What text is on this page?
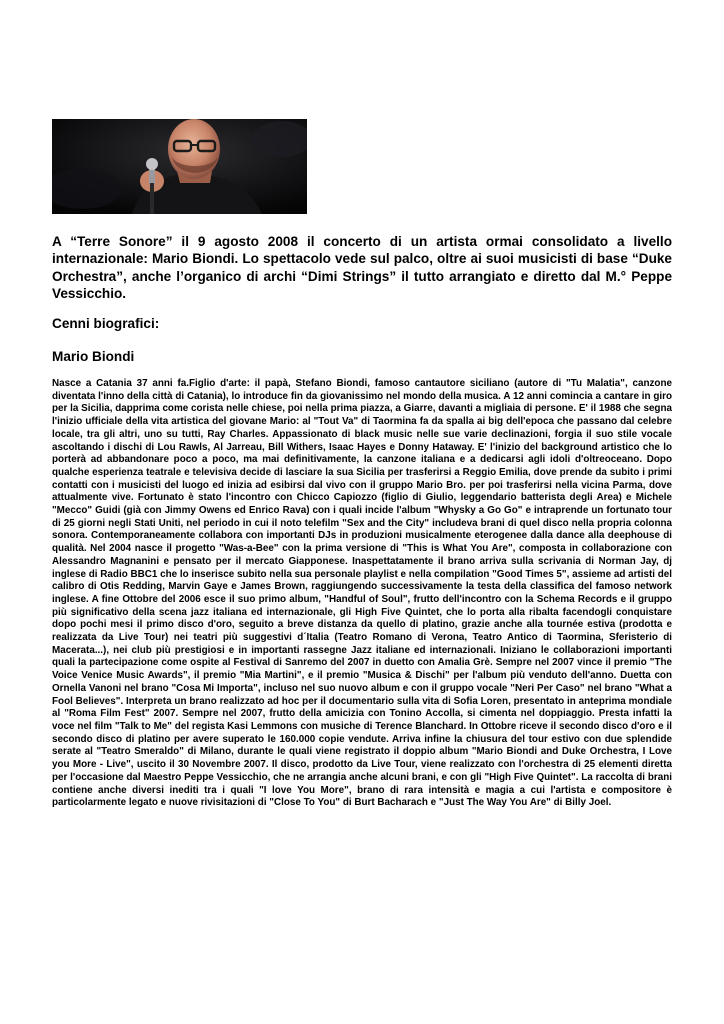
A “Terre Sonore” il 9 agosto 2008 il concerto di un artista ormai consolidato a livello internazionale: Mario Biondi. Lo spettacolo vede sul palco, oltre ai suoi musicisti di base “Duke Orchestra”, anche l’organico di archi “Dimi Strings” il tutto arrangiato e diretto dal M.° Peppe Vessicchio.

Cenni biografici:

Mario Biondi

Nasce a Catania 37 anni fa.Figlio d'arte: il papà, Stefano Biondi, famoso cantautore siciliano (autore di "Tu Malatia", canzone diventata l'inno della città di Catania), lo introduce fin da giovanissimo nel mondo della musica. A 12 anni comincia a cantare in giro per la Sicilia, dapprima come corista nelle chiese, poi nella prima piazza, a Giarre, davanti a migliaia di persone. E' il 1988 che segna l'inizio ufficiale della vita artistica del giovane Mario: al "Tout Va" di Taormina fa da spalla ai big dell'epoca che passano dal celebre locale, tra gli altri, uno su tutti, Ray Charles. Appassionato di black music nelle sue varie declinazioni, forgia il suo stile vocale ascoltando i dischi di Lou Rawls, Al Jarreau, Bill Withers, Isaac Hayes e Donny Hataway. E' l'inizio del background artistico che lo porterà ad abbandonare poco a poco, ma mai definitivamente, la canzone italiana e a dedicarsi agli idoli d'oltreoceano. Dopo qualche esperienza teatrale e televisiva decide di lasciare la sua Sicilia per trasferirsi a Reggio Emilia, dove prende da subito i primi contatti con i musicisti del luogo ed inizia ad esibirsi dal vivo con il gruppo Mario Bro. per poi trasferirsi nella vicina Parma, dove attualmente vive. Fortunato è stato l'incontro con Chicco Capiozzo (figlio di Giulio, leggendario batterista degli Area) e Michele "Mecco" Guidi (già con Jimmy Owens ed Enrico Rava) con i quali incide l'album "Whysky a Go Go" e intraprende un fortunato tour di 25 giorni negli Stati Uniti, nel periodo in cui il noto telefilm "Sex and the City" includeva brani di quel disco nella propria colonna sonora. Contemporaneamente collabora con importanti DJs in produzioni musicalmente eterogenee dalla dance alla deephouse di qualità. Nel 2004 nasce il progetto "Was-a-Bee" con la prima versione di "This is What You Are", composta in collaborazione con Alessandro Magnanini e pensato per il mercato Giapponese. Inaspettatamente il brano arriva sulla scrivania di Norman Jay, dj inglese di Radio BBC1 che lo inserisce subito nella sua personale playlist e nella compilation "Good Times 5", assieme ad artisti del calibro di Otis Redding, Marvin Gaye e James Brown, raggiungendo successivamente la testa della classifica del famoso network inglese. A fine Ottobre del 2006 esce il suo primo album, "Handful of Soul", frutto dell'incontro con la Schema Records e il gruppo più significativo della scena jazz italiana ed internazionale, gli High Five Quintet, che lo porta alla ribalta facendogli conquistare dopo pochi mesi il primo disco d'oro, seguito a breve distanza da quello di platino, grazie anche alla tournée estiva (prodotta e realizzata da Live Tour) nei teatri più suggestivi d´Italia (Teatro Romano di Verona, Teatro Antico di Taormina, Sferisterio di Macerata...), nei club più prestigiosi e in importanti rassegne Jazz italiane ed internazionali. Iniziano le collaborazioni importanti quali la partecipazione come ospite al Festival di Sanremo del 2007 in duetto con Amalia Grè. Sempre nel 2007 vince il premio "The Voice Venice Music Awards", il premio "Mia Martini", e il premio "Musica & Dischi" per l'album più venduto dell'anno. Duetta con Ornella Vanoni nel brano "Cosa Mi Importa", incluso nel suo nuovo album e con il gruppo vocale "Neri Per Caso" nel brano "What a Fool Believes". Interpreta un brano realizzato ad hoc per il documentario sulla vita di Sofia Loren, presentato in anteprima mondiale al "Roma Film Fest" 2007. Sempre nel 2007, frutto della amicizia con Tonino Accolla, si cimenta nel doppiaggio. Presta infatti la voce nel film "Talk to Me" del regista Kasi Lemmons con musiche di Terence Blanchard. In Ottobre riceve il secondo disco d'oro e il secondo disco di platino per avere superato le 160.000 copie vendute. Arriva infine la chiusura del tour estivo con due splendide serate al "Teatro Smeraldo" di Milano, durante le quali viene registrato il doppio album "Mario Biondi and Duke Orchestra, I Love you More - Live", uscito il 30 Novembre 2007. Il disco, prodotto da Live Tour, viene realizzato con l'orchestra di 25 elementi diretta per l'occasione dal Maestro Peppe Vessicchio, che ne arrangia anche alcuni brani, e con gli "High Five Quintet". La raccolta di brani contiene anche diversi inediti tra i quali "I love You More", brano di rara intensità e magia a cui l'artista e compositore è particolarmente legato e nuove rivisitazioni di "Close To You" di Burt Bacharach e "Just The Way You Are" di Billy Joel.
